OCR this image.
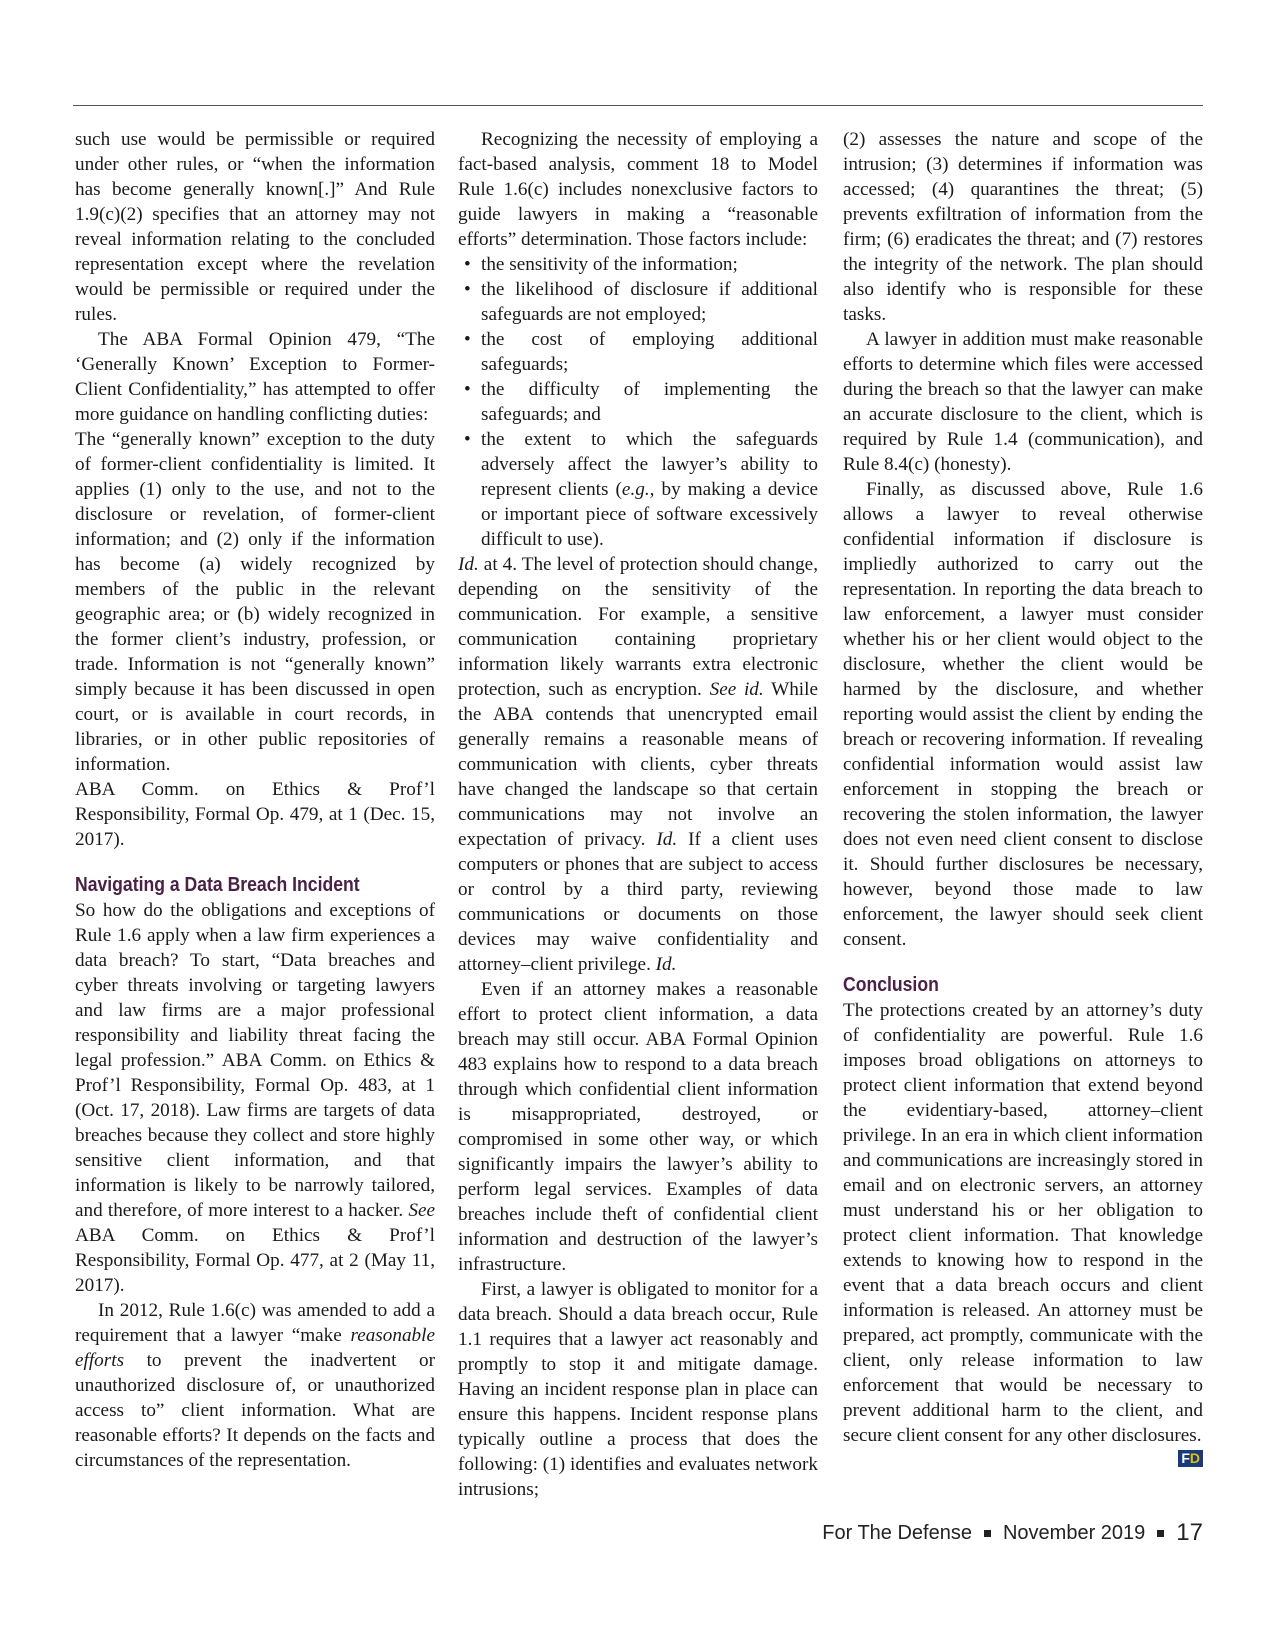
such use would be permissible or required under other rules, or “when the information has become generally known[.]” And Rule 1.9(c)(2) specifies that an attorney may not reveal information relating to the concluded representation except where the revelation would be permissible or required under the rules.

The ABA Formal Opinion 479, “The ‘Generally Known’ Exception to Former-Client Confidentiality,” has attempted to offer more guidance on handling conflicting duties:

The “generally known” exception to the duty of former-client confidentiality is limited. It applies (1) only to the use, and not to the disclosure or revelation, of former-client information; and (2) only if the information has become (a) widely recognized by members of the public in the relevant geographic area; or (b) widely recognized in the former client’s industry, profession, or trade. Information is not “generally known” simply because it has been discussed in open court, or is available in court records, in libraries, or in other public repositories of information.

ABA Comm. on Ethics & Prof’l Responsibility, Formal Op. 479, at 1 (Dec. 15, 2017).

Navigating a Data Breach Incident

So how do the obligations and exceptions of Rule 1.6 apply when a law firm experiences a data breach? To start, “Data breaches and cyber threats involving or targeting lawyers and law firms are a major professional responsibility and liability threat facing the legal profession.” ABA Comm. on Ethics & Prof’l Responsibility, Formal Op. 483, at 1 (Oct. 17, 2018). Law firms are targets of data breaches because they collect and store highly sensitive client information, and that information is likely to be narrowly tailored, and therefore, of more interest to a hacker. See ABA Comm. on Ethics & Prof’l Responsibility, Formal Op. 477, at 2 (May 11, 2017).

In 2012, Rule 1.6(c) was amended to add a requirement that a lawyer “make reasonable efforts to prevent the inadvertent or unauthorized disclosure of, or unauthorized access to” client information. What are reasonable efforts? It depends on the facts and circumstances of the representation.

Recognizing the necessity of employing a fact-based analysis, comment 18 to Model Rule 1.6(c) includes nonexclusive factors to guide lawyers in making a “reasonable efforts” determination. Those factors include:

• the sensitivity of the information;
• the likelihood of disclosure if additional safeguards are not employed;
• the cost of employing additional safeguards;
• the difficulty of implementing the safeguards; and
• the extent to which the safeguards adversely affect the lawyer’s ability to represent clients (e.g., by making a device or important piece of software excessively difficult to use).

Id. at 4. The level of protection should change, depending on the sensitivity of the communication. For example, a sensitive communication containing proprietary information likely warrants extra electronic protection, such as encryption. See id. While the ABA contends that unencrypted email generally remains a reasonable means of communication with clients, cyber threats have changed the landscape so that certain communications may not involve an expectation of privacy. Id. If a client uses computers or phones that are subject to access or control by a third party, reviewing communications or documents on those devices may waive confidentiality and attorney–client privilege. Id.

Even if an attorney makes a reasonable effort to protect client information, a data breach may still occur. ABA Formal Opinion 483 explains how to respond to a data breach through which confidential client information is misappropriated, destroyed, or compromised in some other way, or which significantly impairs the lawyer’s ability to perform legal services. Examples of data breaches include theft of confidential client information and destruction of the lawyer’s infrastructure.

First, a lawyer is obligated to monitor for a data breach. Should a data breach occur, Rule 1.1 requires that a lawyer act reasonably and promptly to stop it and mitigate damage. Having an incident response plan in place can ensure this happens. Incident response plans typically outline a process that does the following: (1) identifies and evaluates network intrusions;

(2) assesses the nature and scope of the intrusion; (3) determines if information was accessed; (4) quarantines the threat; (5) prevents exfiltration of information from the firm; (6) eradicates the threat; and (7) restores the integrity of the network. The plan should also identify who is responsible for these tasks.

A lawyer in addition must make reasonable efforts to determine which files were accessed during the breach so that the lawyer can make an accurate disclosure to the client, which is required by Rule 1.4 (communication), and Rule 8.4(c) (honesty).

Finally, as discussed above, Rule 1.6 allows a lawyer to reveal otherwise confidential information if disclosure is impliedly authorized to carry out the representation. In reporting the data breach to law enforcement, a lawyer must consider whether his or her client would object to the disclosure, whether the client would be harmed by the disclosure, and whether reporting would assist the client by ending the breach or recovering information. If revealing confidential information would assist law enforcement in stopping the breach or recovering the stolen information, the lawyer does not even need client consent to disclose it. Should further disclosures be necessary, however, beyond those made to law enforcement, the lawyer should seek client consent.

Conclusion

The protections created by an attorney’s duty of confidentiality are powerful. Rule 1.6 imposes broad obligations on attorneys to protect client information that extend beyond the evidentiary-based, attorney–client privilege. In an era in which client information and communications are increasingly stored in email and on electronic servers, an attorney must understand his or her obligation to protect client information. That knowledge extends to knowing how to respond in the event that a data breach occurs and client information is released. An attorney must be prepared, act promptly, communicate with the client, only release information to law enforcement that would be necessary to prevent additional harm to the client, and secure client consent for any other disclosures.
FD

For The Defense November 2019 17
